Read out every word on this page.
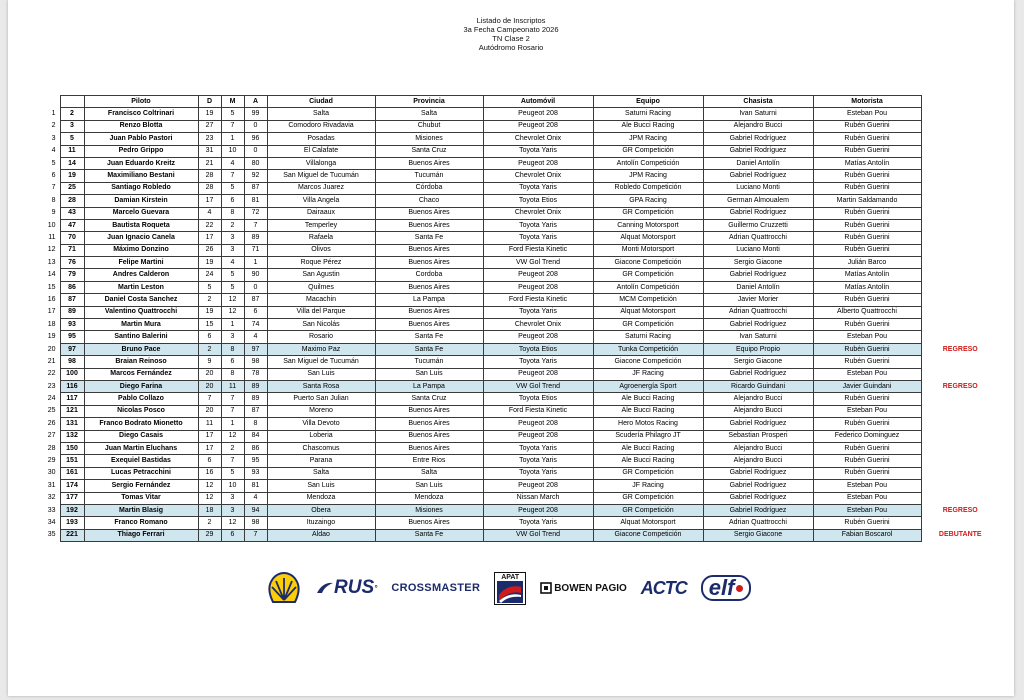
Listado de Inscriptos
3a Fecha Campeonato 2026
TN Clase 2
Autódromo Rosario
		Piloto	D	M	A	Ciudad	Provincia	Automóvil	Equipo	Chasista	Motorista	
1	2	Francisco Coltrinari	19	5	99	Salta	Salta	Peugeot 208	Saturni Racing	Ivan Saturni	Esteban Pou	
2	3	Renzo Blotta	27	7	0	Comodoro Rivadavia	Chubut	Peugeot 208	Ale Bucci Racing	Alejandro Bucci	Rubén Guerini	
3	5	Juan Pablo Pastori	23	1	96	Posadas	Misiones	Chevrolet Onix	JPM Racing	Gabriel Rodríguez	Rubén Guerini	
4	11	Pedro Grippo	31	10	0	El Calafate	Santa Cruz	Toyota Yaris	GR Competición	Gabriel Rodríguez	Rubén Guerini	
5	14	Juan Eduardo Kreitz	21	4	80	Villalonga	Buenos Aires	Peugeot 208	Antolín Competición	Daniel Antolín	Matías Antolín	
6	19	Maximiliano Bestani	28	7	92	San Miguel de Tucumán	Tucumán	Chevrolet Onix	JPM Racing	Gabriel Rodríguez	Rubén Guerini	
7	25	Santiago Robledo	28	5	87	Marcos Juarez	Córdoba	Toyota Yaris	Robledo Competición	Luciano Monti	Rubén Guerini	
8	28	Damian Kirstein	17	6	81	Villa Angela	Chaco	Toyota Etios	GPA Racing	German Almoualem	Martin Saldamando	
9	43	Marcelo Guevara	4	8	72	Dairaaux	Buenos Aires	Chevrolet Onix	GR Competición	Gabriel Rodríguez	Rubén Guerini	
10	47	Bautista Roqueta	22	2	7	Temperley	Buenos Aires	Toyota Yaris	Canning Motorsport	Guillermo Cruzzetti	Rubén Guerini	
11	70	Juan Ignacio Canela	17	3	89	Rafaela	Santa Fe	Toyota Yaris	Alquat Motorsport	Adrian Quattrocchi	Rubén Guerini	
12	71	Máximo Donzino	26	3	71	Olivos	Buenos Aires	Ford Fiesta Kinetic	Monti Motorsport	Luciano Monti	Rubén Guerini	
13	76	Felipe Martini	19	4	1	Roque Pérez	Buenos Aires	VW Gol Trend	Giacone Competición	Sergio Giacone	Julián Barco	
14	79	Andres Calderon	24	5	90	San Agustin	Cordoba	Peugeot 208	GR Competición	Gabriel Rodríguez	Matías Antolín	
15	86	Martin Leston	5	5	0	Quilmes	Buenos Aires	Peugeot 208	Antolín Competición	Daniel Antolín	Matías Antolín	
16	87	Daniel Costa Sanchez	2	12	87	Macachin	La Pampa	Ford Fiesta Kinetic	MCM Competición	Javier Morier	Rubén Guerini	
17	89	Valentino Quattrocchi	19	12	6	Villa del Parque	Buenos Aires	Toyota Yaris	Alquat Motorsport	Adrian Quattrocchi	Alberto Quattrocchi	
18	93	Martin Mura	15	1	74	San Nicolás	Buenos Aires	Chevrolet Onix	GR Competición	Gabriel Rodríguez	Rubén Guerini	
19	95	Santino Balerini	6	3	4	Rosario	Santa Fe	Peugeot 208	Saturni Racing	Ivan Saturni	Esteban Pou	
20	97	Bruno Pace	2	8	97	Maximo Paz	Santa Fe	Toyota Etios	Tunka Competición	Equipo Propio	Rubén Guerini	REGRESO
21	98	Braian Reinoso	9	6	98	San Miguel de Tucumán	Tucumán	Toyota Yaris	Giacone Competición	Sergio Giacone	Rubén Guerini	
22	100	Marcos Fernández	20	8	78	San Luis	San Luis	Peugeot 208	JF Racing	Gabriel Rodríguez	Esteban Pou	
23	116	Diego Farina	20	11	89	Santa Rosa	La Pampa	VW Gol Trend	Agroenergía Sport	Ricardo Guindani	Javier Guindani	REGRESO
24	117	Pablo Collazo	7	7	89	Puerto San Julian	Santa Cruz	Toyota Etios	Ale Bucci Racing	Alejandro Bucci	Rubén Guerini	
25	121	Nicolas Posco	20	7	87	Moreno	Buenos Aires	Ford Fiesta Kinetic	Ale Bucci Racing	Alejandro Bucci	Esteban Pou	
26	131	Franco Bodrato Mionetto	11	1	8	Villa Devoto	Buenos Aires	Peugeot 208	Hero Motos Racing	Gabriel Rodríguez	Rubén Guerini	
27	132	Diego Casais	17	12	84	Loberia	Buenos Aires	Peugeot 208	Scudería Philagro JT	Sebastian Prosperi	Federico Dominguez	
28	150	Juan Martin Eluchans	17	2	86	Chascomus	Buenos Aires	Toyota Yaris	Ale Bucci Racing	Alejandro Bucci	Rubén Guerini	
29	151	Exequiel Bastidas	6	7	95	Parana	Entre Rios	Toyota Yaris	Ale Bucci Racing	Alejandro Bucci	Rubén Guerini	
30	161	Lucas Petracchini	16	5	93	Salta	Salta	Toyota Yaris	GR Competición	Gabriel Rodríguez	Rubén Guerini	
31	174	Sergio Fernández	12	10	81	San Luis	San Luis	Peugeot 208	JF Racing	Gabriel Rodríguez	Esteban Pou	
32	177	Tomas Vitar	12	3	4	Mendoza	Mendoza	Nissan March	GR Competición	Gabriel Rodríguez	Esteban Pou	
33	192	Martin Blasig	18	3	94	Obera	Misiones	Peugeot 208	GR Competición	Gabriel Rodríguez	Esteban Pou	REGRESO
34	193	Franco Romano	2	12	98	Ituzaingo	Buenos Aires	Toyota Yaris	Alquat Motorsport	Adrian Quattrocchi	Rubén Guerini	
35	221	Thiago Ferrari	29	6	7	Aldao	Santa Fe	VW Gol Trend	Giacone Competición	Sergio Giacone	Fabian Boscarol	DEBUTANTE
RUS ° CROSSMASTER
APAT
BOWEN PAGIO ACTC elf
